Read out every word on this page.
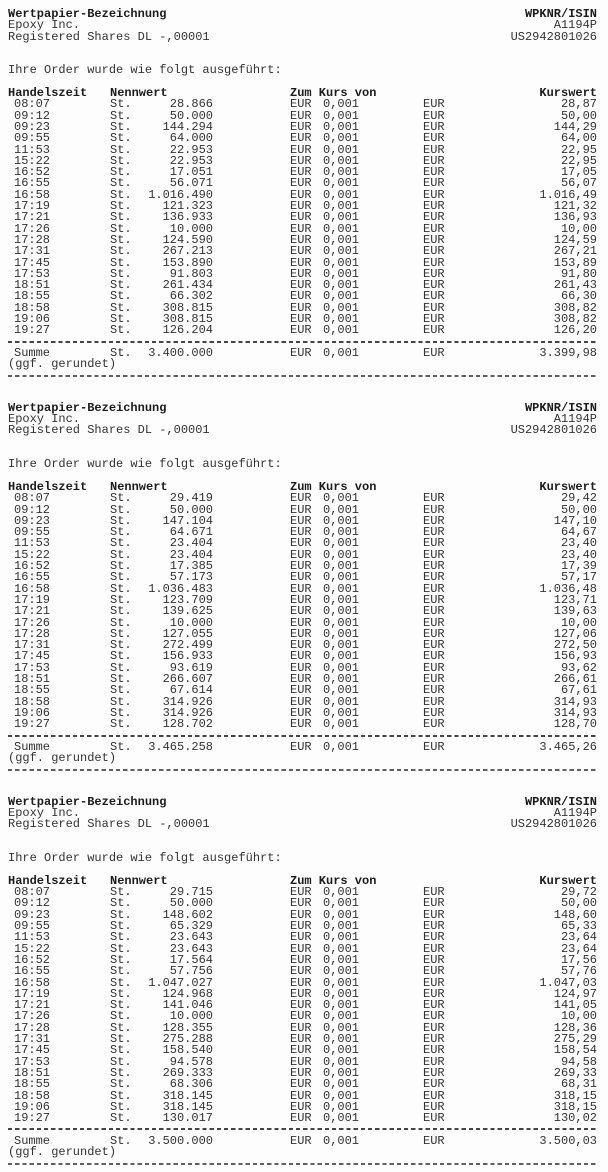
Wertpapier-Bezeichnung
Epoxy Inc.
Registered Shares DL -,00001
WPKNR/ISIN
A1194P
US2942801026
Ihre Order wurde wie folgt ausgeführt:
Handelszeit	Nennwert	Zum Kurs von	Kurswert
08:07	St.	28.866	EUR 0,001	EUR	28,87
09:12	St.	50.000	EUR 0,001	EUR	50,00
09:23	St.	144.294	EUR 0,001	EUR	144,29
09:55	St.	64.000	EUR 0,001	EUR	64,00
11:53	St.	22.953	EUR 0,001	EUR	22,95
15:22	St.	22.953	EUR 0,001	EUR	22,95
16:52	St.	17.051	EUR 0,001	EUR	17,05
16:55	St.	56.071	EUR 0,001	EUR	56,07
16:58	St.	1.016.490	EUR 0,001	EUR	1.016,49
17:19	St.	121.323	EUR 0,001	EUR	121,32
17:21	St.	136.933	EUR 0,001	EUR	136,93
17:26	St.	10.000	EUR 0,001	EUR	10,00
17:28	St.	124.590	EUR 0,001	EUR	124,59
17:31	St.	267.213	EUR 0,001	EUR	267,21
17:45	St.	153.890	EUR 0,001	EUR	153,89
17:53	St.	91.803	EUR 0,001	EUR	91,80
18:51	St.	261.434	EUR 0,001	EUR	261,43
18:55	St.	66.302	EUR 0,001	EUR	66,30
18:58	St.	308.815	EUR 0,001	EUR	308,82
19:06	St.	308.815	EUR 0,001	EUR	308,82
19:27	St.	126.204	EUR 0,001	EUR	126,20
Summe	St.	3.400.000	EUR 0,001	EUR	3.399,98
(ggf. gerundet)
Wertpapier-Bezeichnung
Epoxy Inc.
Registered Shares DL -,00001
WPKNR/ISIN
A1194P
US2942801026
Ihre Order wurde wie folgt ausgeführt:
Handelszeit	Nennwert	Zum Kurs von	Kurswert
08:07	St.	29.419	EUR 0,001	EUR	29,42
09:12	St.	50.000	EUR 0,001	EUR	50,00
09:23	St.	147.104	EUR 0,001	EUR	147,10
09:55	St.	64.671	EUR 0,001	EUR	64,67
11:53	St.	23.404	EUR 0,001	EUR	23,40
15:22	St.	23.404	EUR 0,001	EUR	23,40
16:52	St.	17.385	EUR 0,001	EUR	17,39
16:55	St.	57.173	EUR 0,001	EUR	57,17
16:58	St.	1.036.483	EUR 0,001	EUR	1.036,48
17:19	St.	123.709	EUR 0,001	EUR	123,71
17:21	St.	139.625	EUR 0,001	EUR	139,63
17:26	St.	10.000	EUR 0,001	EUR	10,00
17:28	St.	127.055	EUR 0,001	EUR	127,06
17:31	St.	272.499	EUR 0,001	EUR	272,50
17:45	St.	156.933	EUR 0,001	EUR	156,93
17:53	St.	93.619	EUR 0,001	EUR	93,62
18:51	St.	266.607	EUR 0,001	EUR	266,61
18:55	St.	67.614	EUR 0,001	EUR	67,61
18:58	St.	314.926	EUR 0,001	EUR	314,93
19:06	St.	314.926	EUR 0,001	EUR	314,93
19:27	St.	128.702	EUR 0,001	EUR	128,70
Summe	St.	3.465.258	EUR 0,001	EUR	3.465,26
(ggf. gerundet)
Wertpapier-Bezeichnung
Epoxy Inc.
Registered Shares DL -,00001
WPKNR/ISIN
A1194P
US2942801026
Ihre Order wurde wie folgt ausgeführt:
Handelszeit	Nennwert	Zum Kurs von	Kurswert
08:07	St.	29.715	EUR 0,001	EUR	29,72
09:12	St.	50.000	EUR 0,001	EUR	50,00
09:23	St.	148.602	EUR 0,001	EUR	148,60
09:55	St.	65.329	EUR 0,001	EUR	65,33
11:53	St.	23.643	EUR 0,001	EUR	23,64
15:22	St.	23.643	EUR 0,001	EUR	23,64
16:52	St.	17.564	EUR 0,001	EUR	17,56
16:55	St.	57.756	EUR 0,001	EUR	57,76
16:58	St.	1.047.027	EUR 0,001	EUR	1.047,03
17:19	St.	124.968	EUR 0,001	EUR	124,97
17:21	St.	141.046	EUR 0,001	EUR	141,05
17:26	St.	10.000	EUR 0,001	EUR	10,00
17:28	St.	128.355	EUR 0,001	EUR	128,36
17:31	St.	275.288	EUR 0,001	EUR	275,29
17:45	St.	158.540	EUR 0,001	EUR	158,54
17:53	St.	94.578	EUR 0,001	EUR	94,58
18:51	St.	269.333	EUR 0,001	EUR	269,33
18:55	St.	68.306	EUR 0,001	EUR	68,31
18:58	St.	318.145	EUR 0,001	EUR	318,15
19:06	St.	318.145	EUR 0,001	EUR	318,15
19:27	St.	130.017	EUR 0,001	EUR	130,02
Summe	St.	3.500.000	EUR 0,001	EUR	3.500,03
(ggf. gerundet)
